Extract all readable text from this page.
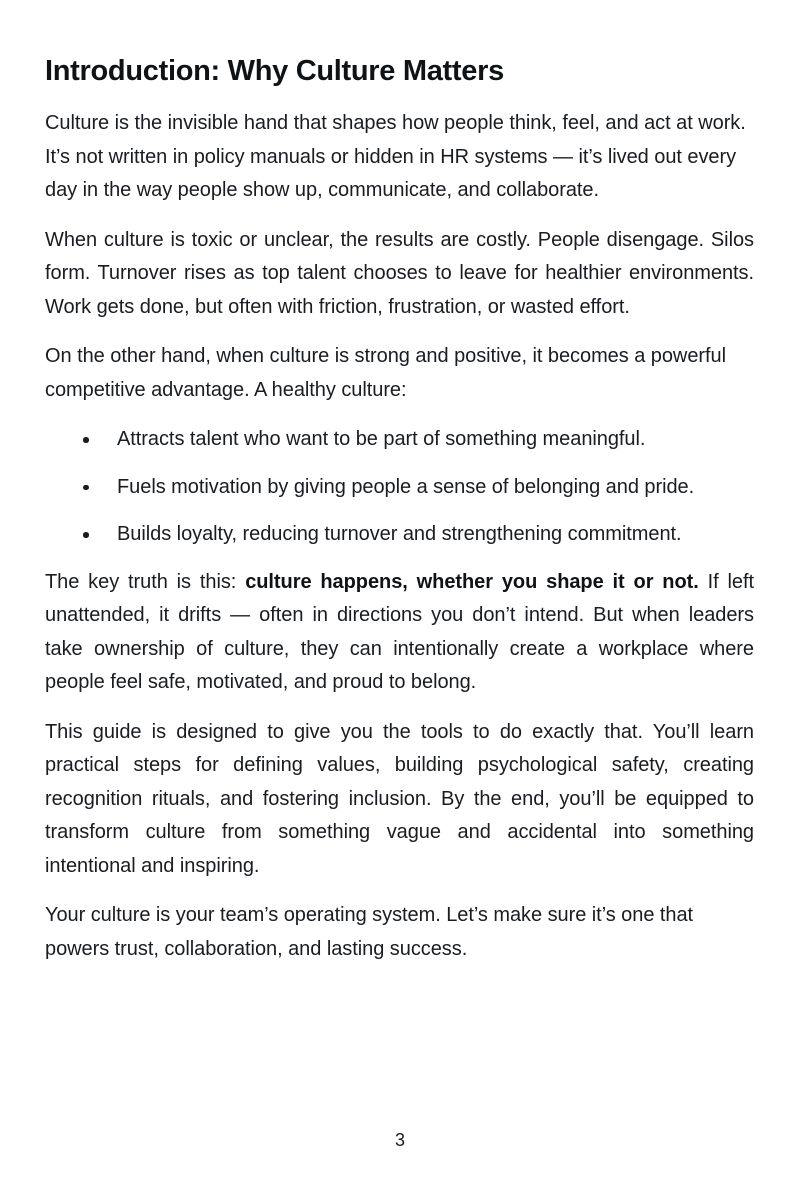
Introduction: Why Culture Matters

Culture is the invisible hand that shapes how people think, feel, and act at work. It’s not written in policy manuals or hidden in HR systems — it’s lived out every day in the way people show up, communicate, and collaborate.

When culture is toxic or unclear, the results are costly. People disengage. Silos form. Turnover rises as top talent chooses to leave for healthier environments. Work gets done, but often with friction, frustration, or wasted effort.

On the other hand, when culture is strong and positive, it becomes a powerful competitive advantage. A healthy culture:

Attracts talent who want to be part of something meaningful.
Fuels motivation by giving people a sense of belonging and pride.
Builds loyalty, reducing turnover and strengthening commitment.

The key truth is this: culture happens, whether you shape it or not. If left unattended, it drifts — often in directions you don’t intend. But when leaders take ownership of culture, they can intentionally create a workplace where people feel safe, motivated, and proud to belong.

This guide is designed to give you the tools to do exactly that. You’ll learn practical steps for defining values, building psychological safety, creating recognition rituals, and fostering inclusion. By the end, you’ll be equipped to transform culture from something vague and accidental into something intentional and inspiring.

Your culture is your team’s operating system. Let’s make sure it’s one that powers trust, collaboration, and lasting success.

3
